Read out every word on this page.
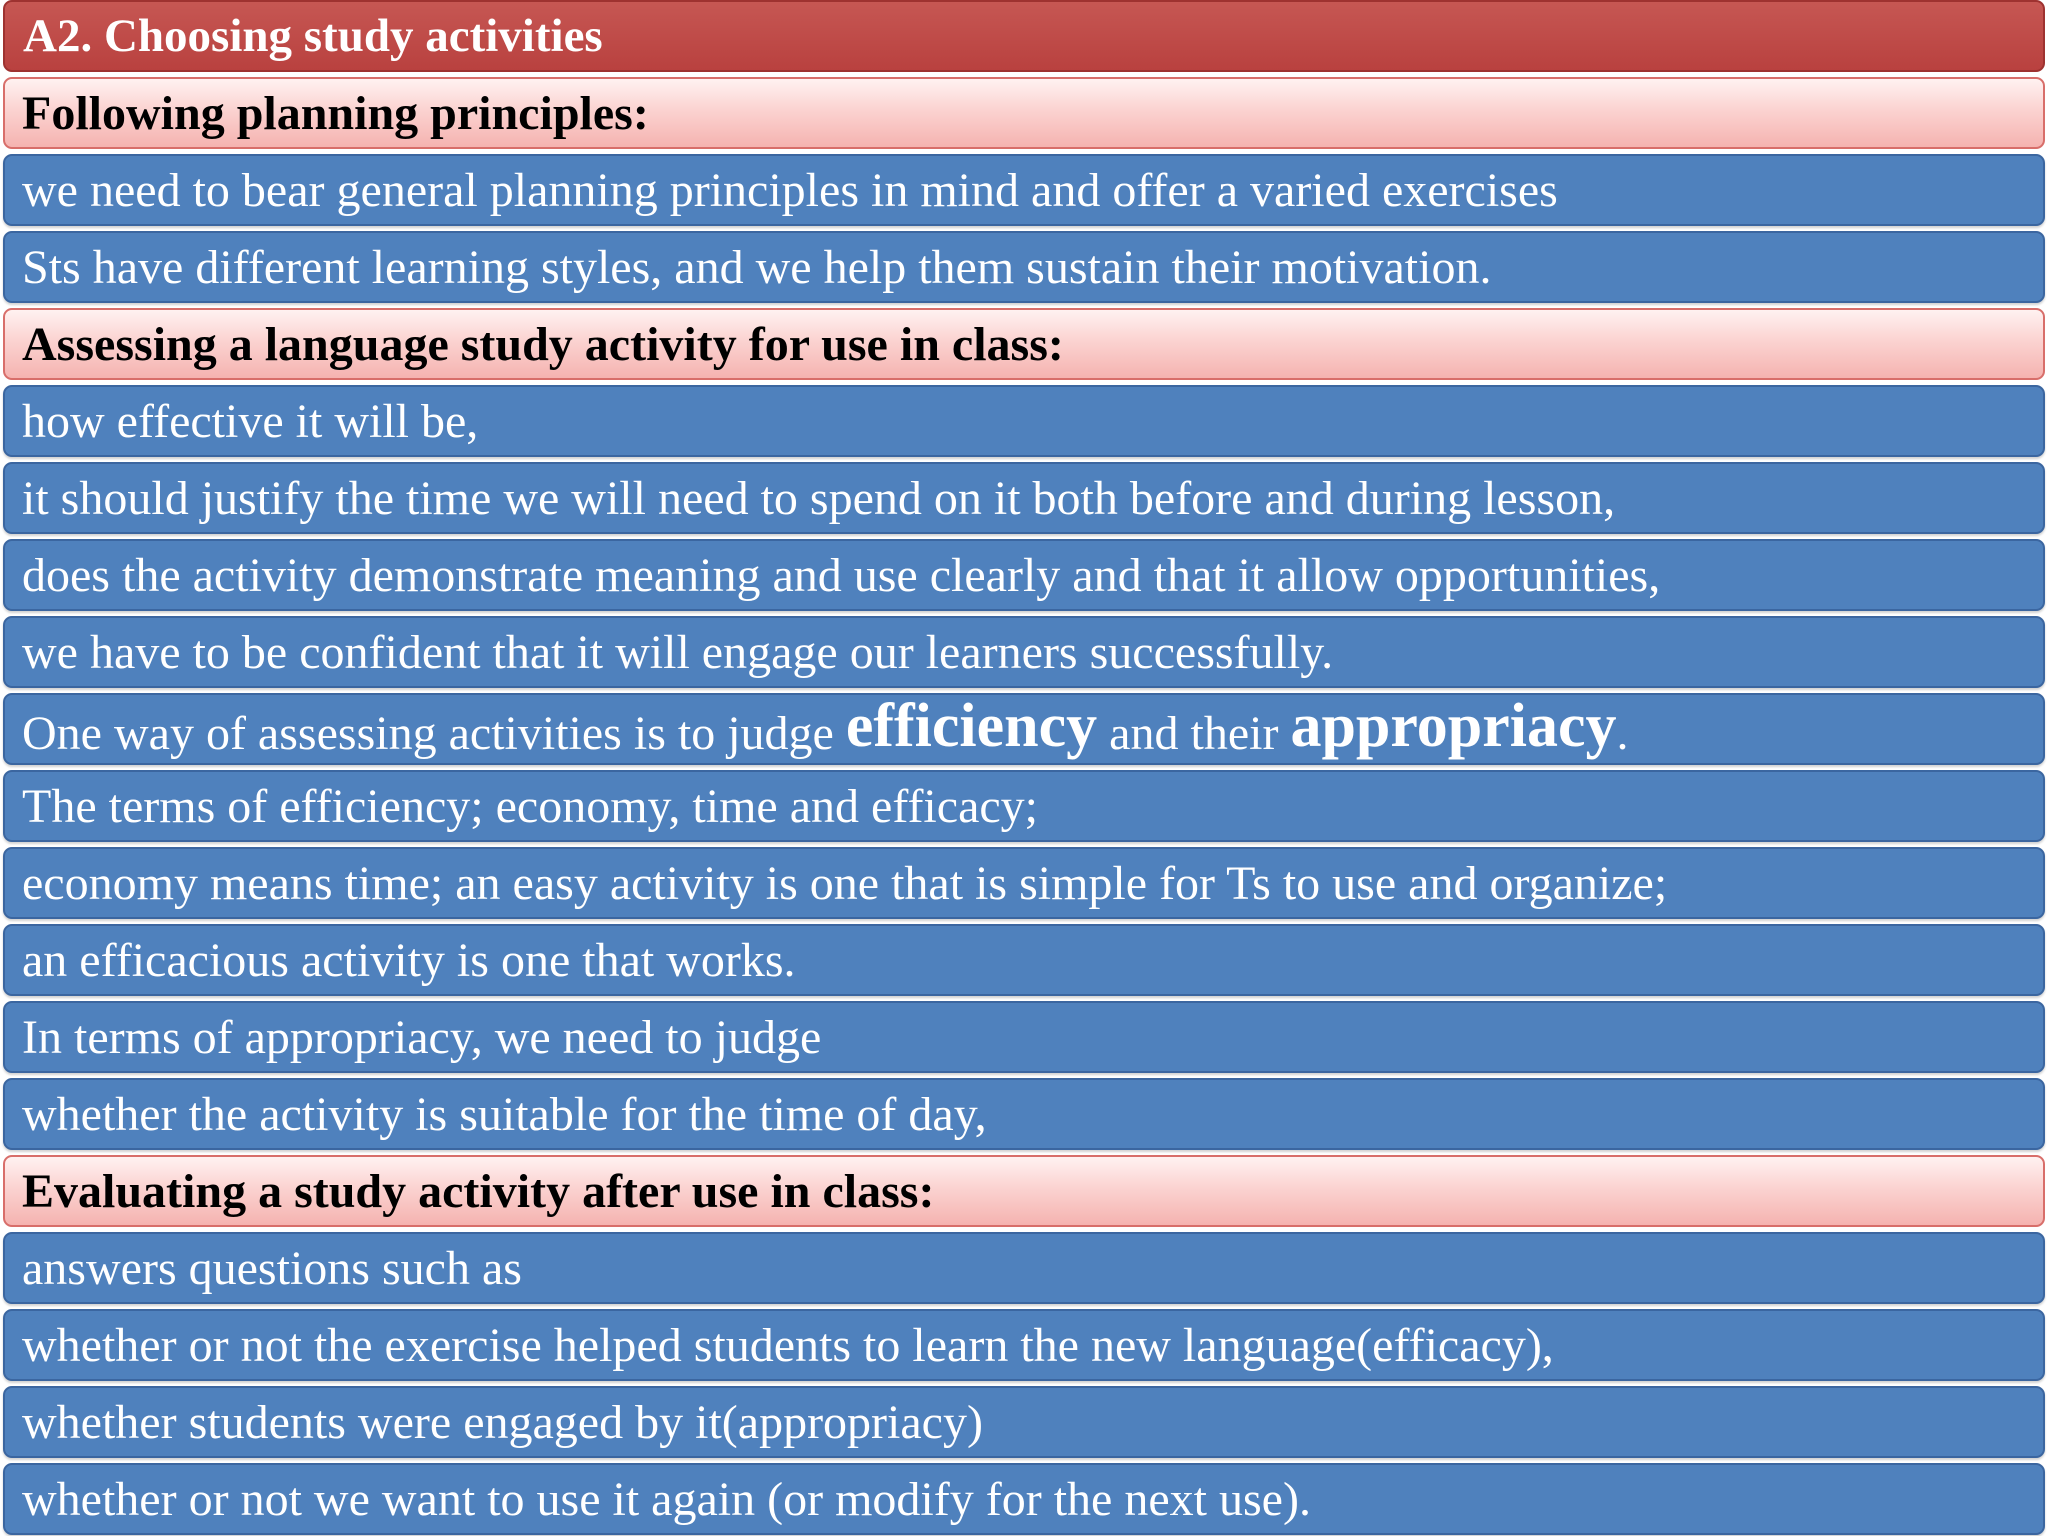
A2. Choosing study activities
Following planning principles:
we need to bear general planning principles in mind and offer a varied exercises
Sts have different learning styles, and we help them sustain their motivation.
Assessing a language study activity for use in class:
how effective it will be,
it should justify the time we will need to spend on it both before and during lesson,
does the activity demonstrate meaning and use clearly and that it allow opportunities,
we have to be confident that it will engage our learners successfully.
One way of assessing activities is to judge efficiency and their appropriacy.
The terms of efficiency; economy, time and efficacy;
economy means time; an easy activity is one that is simple for Ts to use and organize;
an efficacious activity is one that works.
In terms of appropriacy, we need to judge
whether the activity is suitable for the time of day,
Evaluating a study activity after use in class:
answers questions such as
whether or not the exercise helped students to learn the new language(efficacy),
whether students were engaged by it(appropriacy)
whether or not we want to use it again (or modify for the next use).
